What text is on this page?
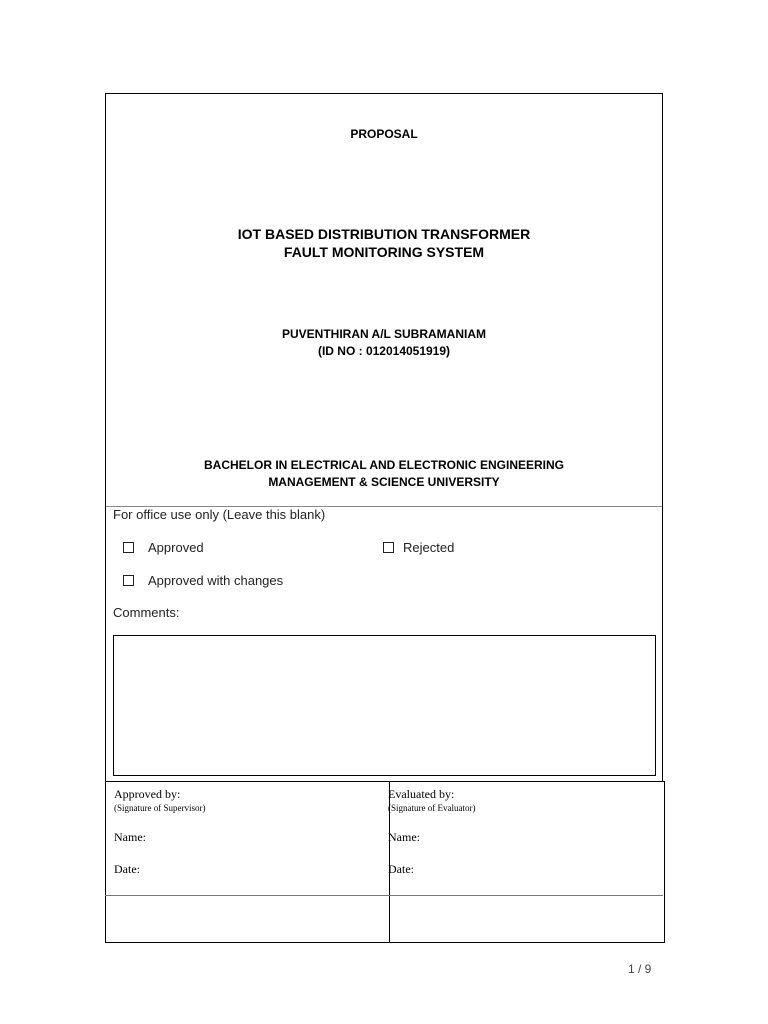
PROPOSAL
IOT BASED DISTRIBUTION TRANSFORMER
FAULT MONITORING SYSTEM
PUVENTHIRAN A/L SUBRAMANIAM
(ID NO : 012014051919)
BACHELOR IN ELECTRICAL AND ELECTRONIC ENGINEERING
MANAGEMENT & SCIENCE UNIVERSITY
For office use only (Leave this blank)
Approved	Rejected
Approved with changes
Comments:
Approved by:
(Signature of Supervisor)
Name:
Date:
Evaluated by:
(Signature of Evaluator)
Name:
Date:
1 / 9
